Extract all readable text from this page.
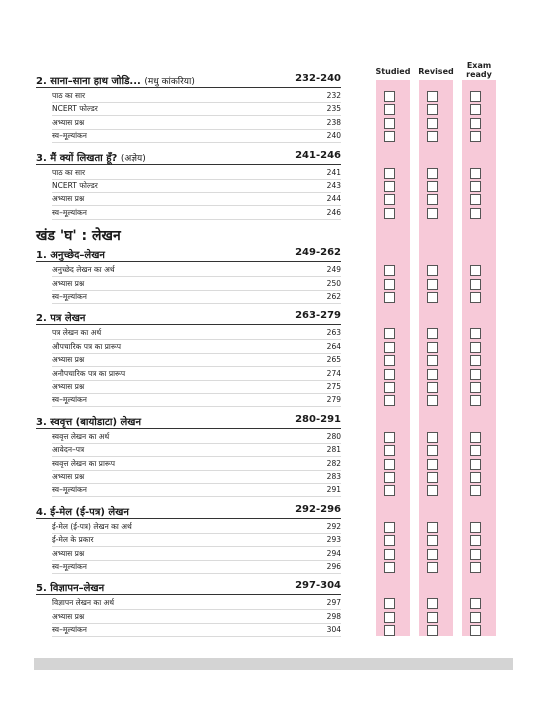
Studied Revised
Exam ready
2. साना–साना हाथ जोडि... (मधु कांकरिया)	232-240
पाठ का सार	232
NCERT फोल्डर	235
अभ्यास प्रश्न	238
स्व–मूल्यांकन	240
3. मैं क्यों लिखता हूँ? (अज्ञेय)	241-246
पाठ का सार	241
NCERT फोल्डर	243
अभ्यास प्रश्न	244
स्व–मूल्यांकन	246
खंड 'घ' : लेखन
1. अनुच्छेद–लेखन	249-262
अनुच्छेद लेखन का अर्थ	249
अभ्यास प्रश्न	250
स्व–मूल्यांकन	262
2. पत्र लेखन	263-279
पत्र लेखन का अर्थ	263
औपचारिक पत्र का प्रारूप	264
अभ्यास प्रश्न	265
अनौपचारिक पत्र का प्रारूप	274
अभ्यास प्रश्न	275
स्व–मूल्यांकन	279
3. स्ववृत्त (बायोडाटा) लेखन	280-291
स्ववृत्त लेखन का अर्थ	280
आवेदन–पत्र	281
स्ववृत्त लेखन का प्रारूप	282
अभ्यास प्रश्न	283
स्व–मूल्यांकन	291
4. ई-मेल (ई-पत्र) लेखन	292-296
ई-मेल (ई-पत्र) लेखन का अर्थ	292
ई-मेल के प्रकार	293
अभ्यास प्रश्न	294
स्व–मूल्यांकन	296
5. विज्ञापन–लेखन	297-304
विज्ञापन लेखन का अर्थ	297
अभ्यास प्रश्न	298
स्व–मूल्यांकन	304
